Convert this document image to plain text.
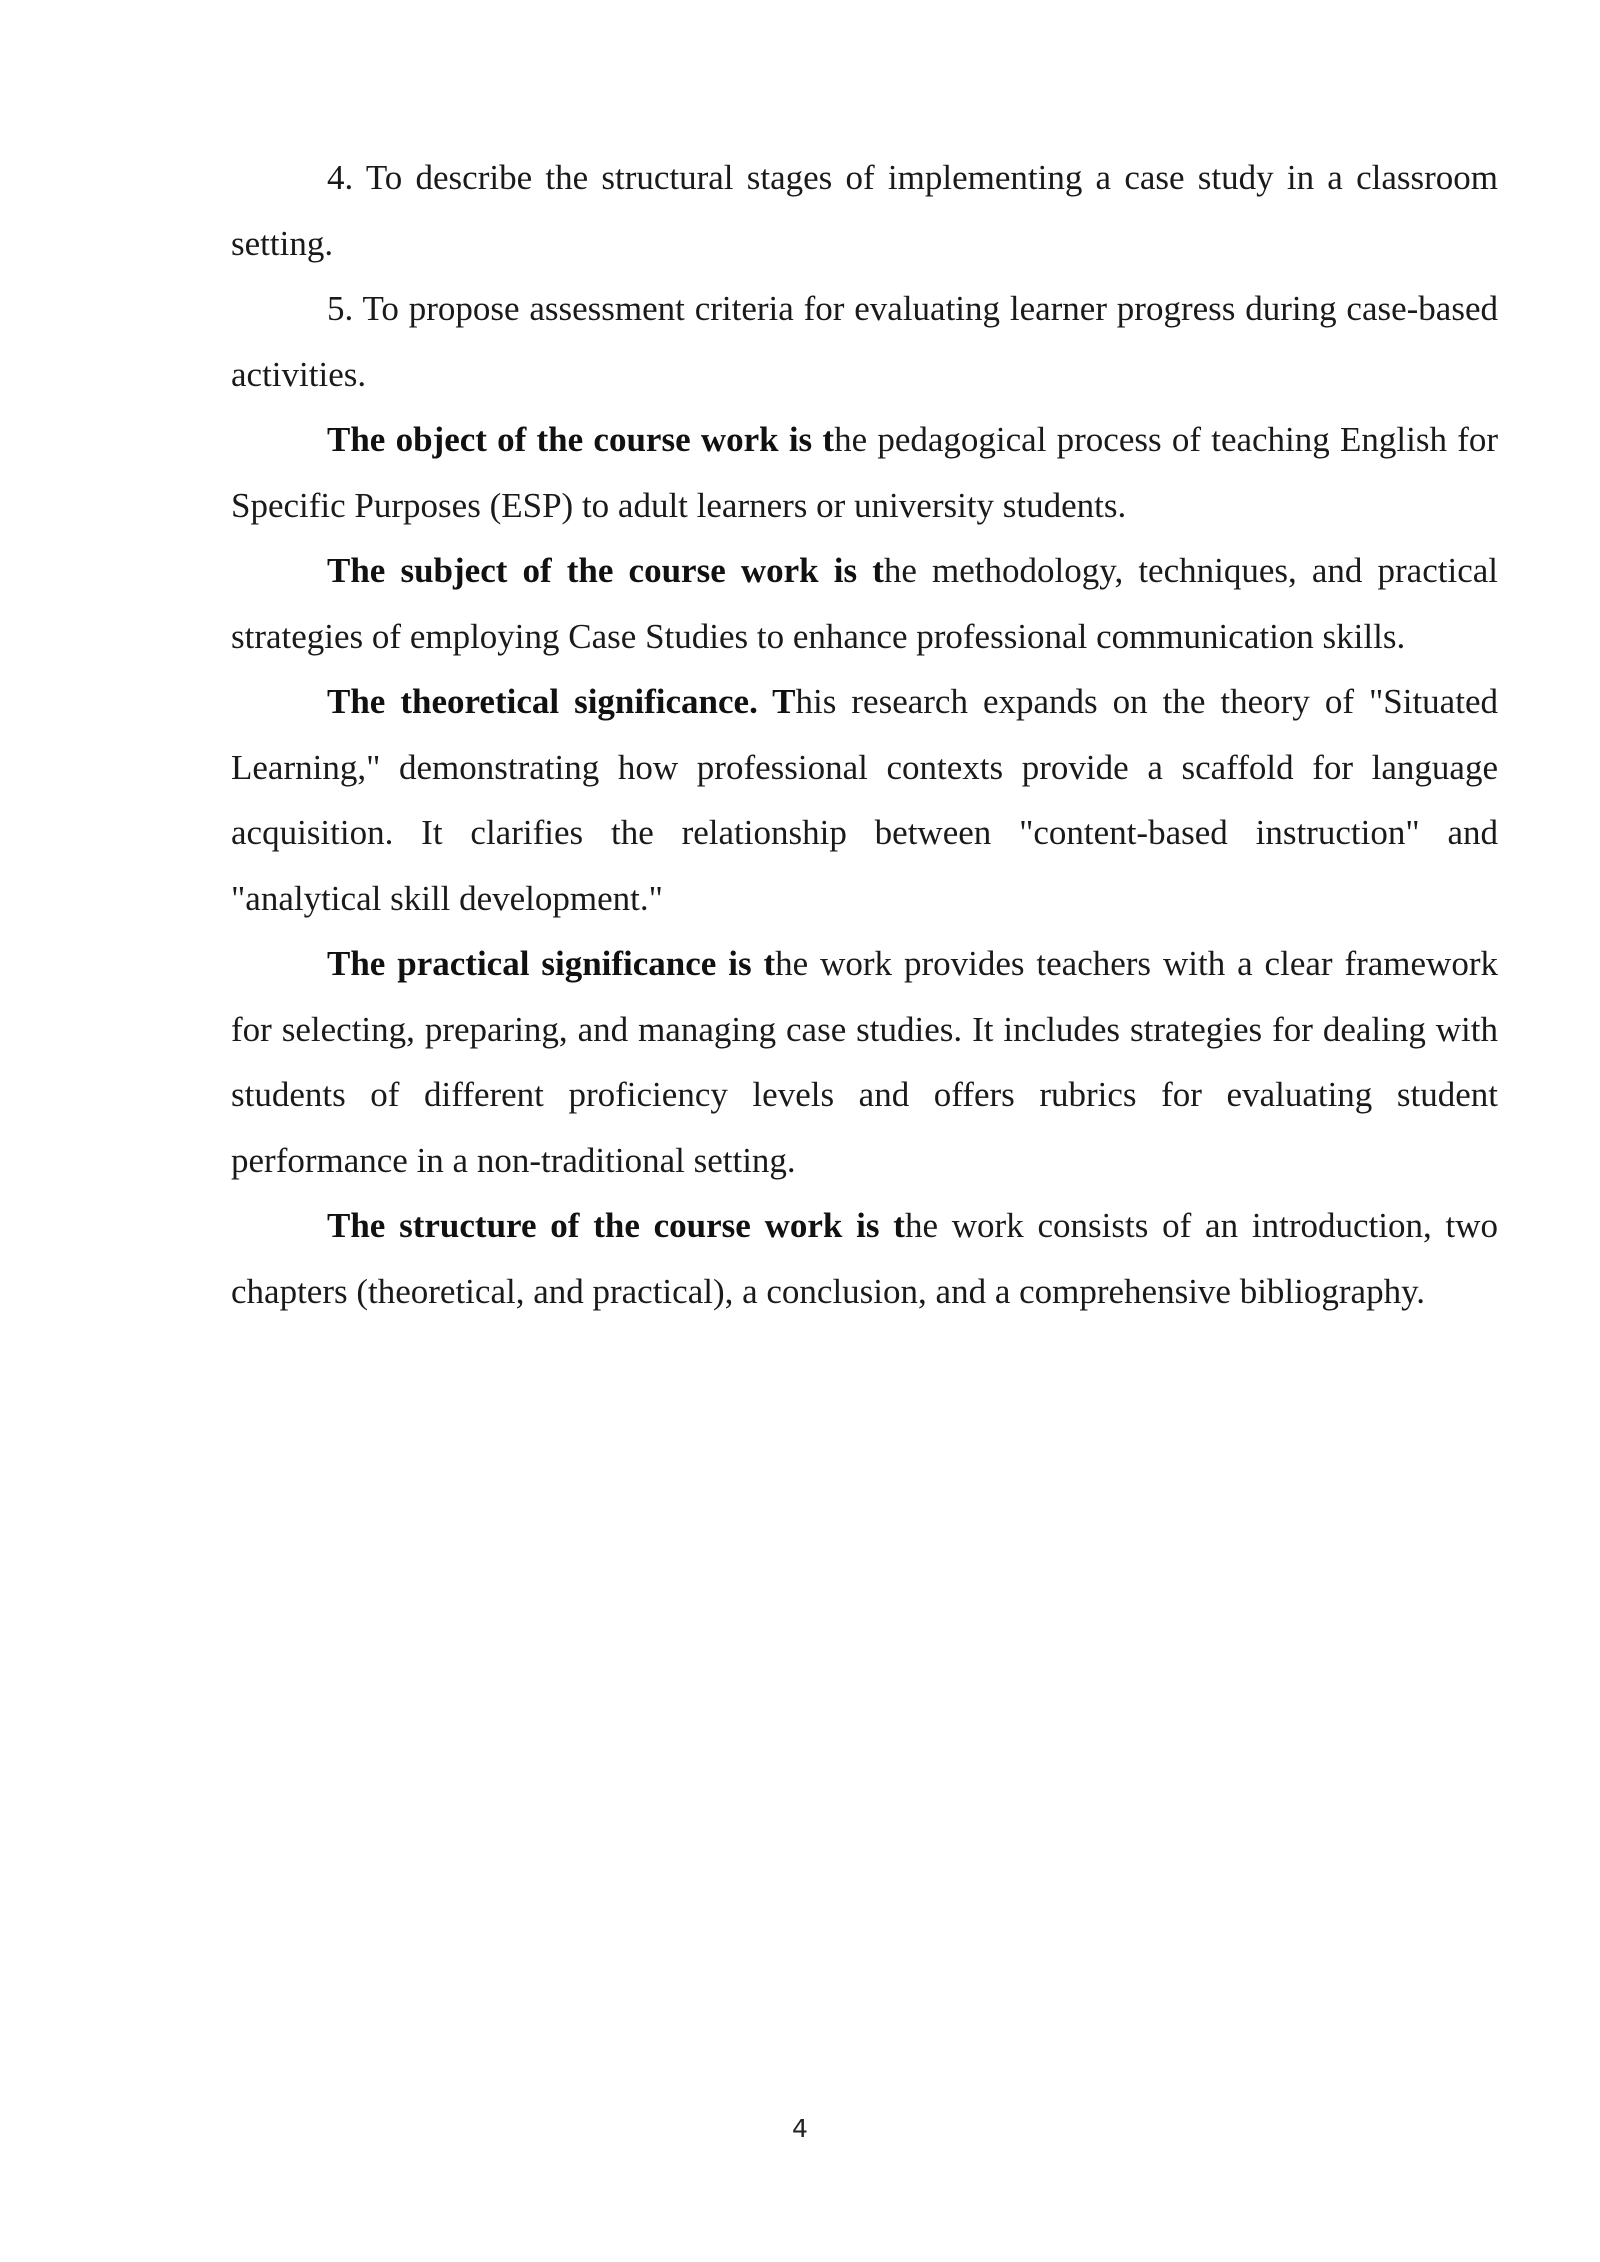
4. To describe the structural stages of implementing a case study in a classroom setting.

5. To propose assessment criteria for evaluating learner progress during case-based activities.

The object of the course work is the pedagogical process of teaching English for Specific Purposes (ESP) to adult learners or university students.

The subject of the course work is the methodology, techniques, and practical strategies of employing Case Studies to enhance professional communication skills.

The theoretical significance. This research expands on the theory of "Situated Learning," demonstrating how professional contexts provide a scaffold for language acquisition. It clarifies the relationship between "content-based instruction" and "analytical skill development."

The practical significance is the work provides teachers with a clear framework for selecting, preparing, and managing case studies. It includes strategies for dealing with students of different proficiency levels and offers rubrics for evaluating student performance in a non-traditional setting.

The structure of the course work is the work consists of an introduction, two chapters (theoretical, and practical), a conclusion, and a comprehensive bibliography.

4
